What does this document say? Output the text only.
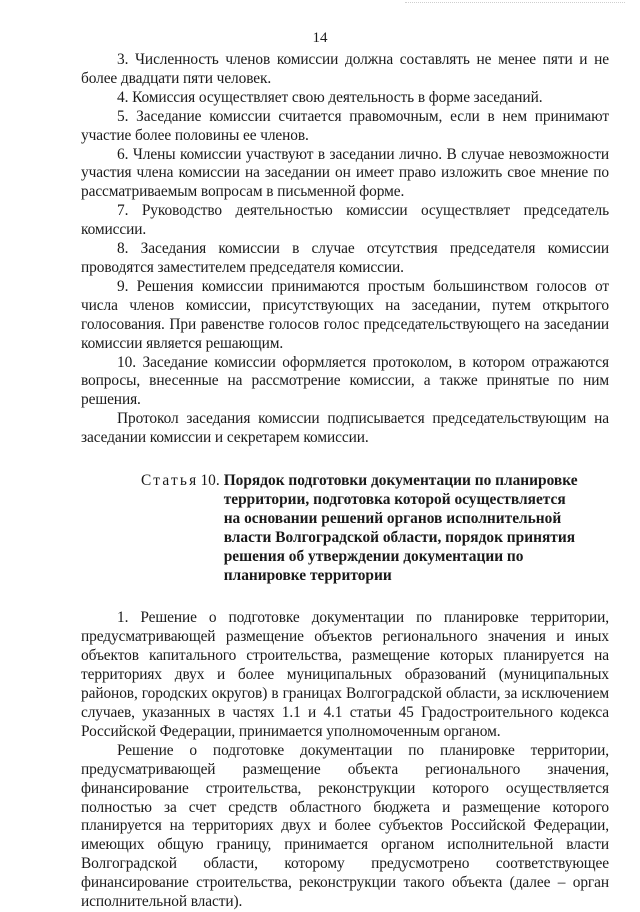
14

3. Численность членов комиссии должна составлять не менее пяти и не более двадцати пяти человек.

4. Комиссия осуществляет свою деятельность в форме заседаний.

5. Заседание комиссии считается правомочным, если в нем принимают участие более половины ее членов.

6. Члены комиссии участвуют в заседании лично. В случае невозможности участия члена комиссии на заседании он имеет право изложить свое мнение по рассматриваемым вопросам в письменной форме.

7. Руководство деятельностью комиссии осуществляет председатель комиссии.

8. Заседания комиссии в случае отсутствия председателя комиссии проводятся заместителем председателя комиссии.

9. Решения комиссии принимаются простым большинством голосов от числа членов комиссии, присутствующих на заседании, путем открытого голосования. При равенстве голосов голос председательствующего на заседании комиссии является решающим.

10. Заседание комиссии оформляется протоколом, в котором отражаются вопросы, внесенные на рассмотрение комиссии, а также принятые по ним решения.

Протокол заседания комиссии подписывается председательствующим на заседании комиссии и секретарем комиссии.

Статья 10. Порядок подготовки документации по планировке территории, подготовка которой осуществляется на основании решений органов исполнительной власти Волгоградской области, порядок принятия решения об утверждении документации по планировке территории

1. Решение о подготовке документации по планировке территории, предусматривающей размещение объектов регионального значения и иных объектов капитального строительства, размещение которых планируется на территориях двух и более муниципальных образований (муниципальных районов, городских округов) в границах Волгоградской области, за исключением случаев, указанных в частях 1.1 и 4.1 статьи 45 Градостроительного кодекса Российской Федерации, принимается уполномоченным органом.

Решение о подготовке документации по планировке территории, предусматривающей размещение объекта регионального значения, финансирование строительства, реконструкции которого осуществляется полностью за счет средств областного бюджета и размещение которого планируется на территориях двух и более субъектов Российской Федерации, имеющих общую границу, принимается органом исполнительной власти Волгоградской области, которому предусмотрено соответствующее финансирование строительства, реконструкции такого объекта (далее – орган исполнительной власти).
